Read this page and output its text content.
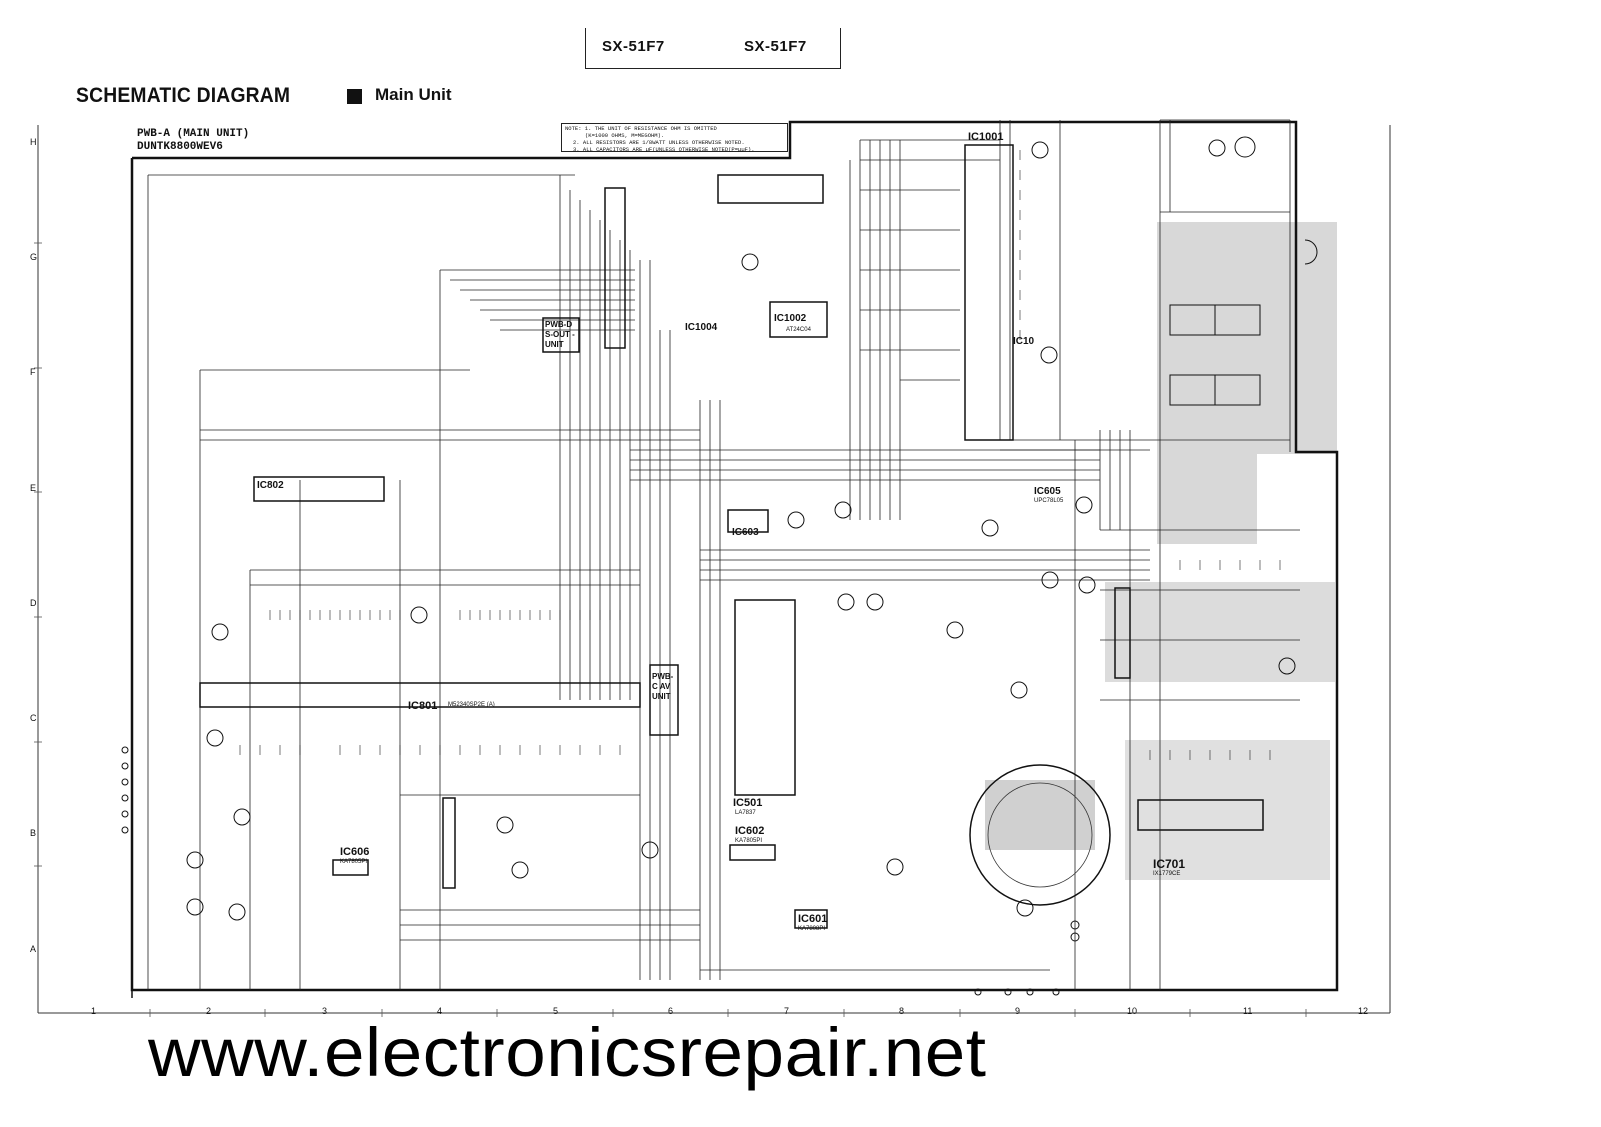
SX-51F7	SX-51F7
SCHEMATIC DIAGRAM	Main Unit
PWB-A (MAIN UNIT)
DUNTK8800WEV6
NOTE: 1. THE UNIT OF RESISTANCE OHM IS OMITTED
(K=1000 OHMS, M=MEGOHM).
2. ALL RESISTORS ARE 1/8WATT UNLESS OTHERWISE NOTED.
3. ALL CAPACITORS ARE µF(UNLESS OTHERWISE NOTED(P=µµF).
H
G
F
E
D
C
B
A
1	2	3	4	5	6	7	8	9	10	11	12
IC1001
IC1002
AT24C04
IC1004
IC10
IC802
IC801 M52340SP2E (A)
IC603
IC605
UPC78L05
IC501
LA7837
IC602
KA7805PI
IC601
KA7808PI
IC606
KA7805PI	IC701
IX1779CE
PWB-D S-OUT -UNIT
PWB-C AV UNIT
www.electronicsrepair.net
